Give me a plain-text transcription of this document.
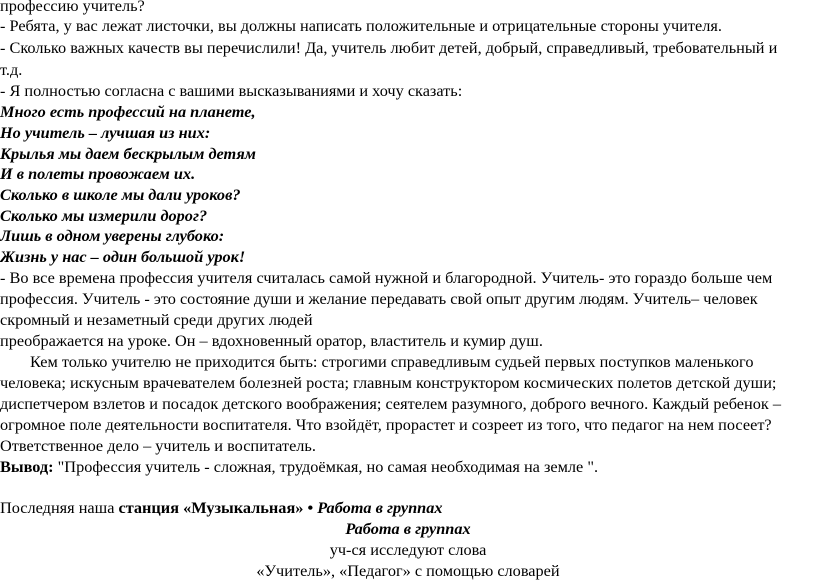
профессию учитель?
- Ребята, у вас лежат листочки, вы должны написать положительные и отрицательные стороны учителя.
- Сколько важных качеств вы перечислили! Да, учитель любит детей, добрый, справедливый, требовательный и
т.д.
- Я полностью согласна с вашими высказываниями и хочу сказать:
Много есть профессий на планете,
Но учитель – лучшая из них:
Крылья мы даем бескрылым детям
И в полеты провожаем их.
Сколько в школе мы дали уроков?
Сколько мы измерили дорог?
Лишь в одном уверены глубоко:
Жизнь у нас – один большой урок!
- Во все времена профессия учителя считалась самой нужной и благородной. Учитель- это гораздо больше чем
профессия. Учитель - это состояние души и желание передавать свой опыт другим людям. Учитель– человек
скромный и незаметный среди других людей
преображается на уроке. Он – вдохновенный оратор, властитель и кумир душ.
Кем только учителю не приходится быть: строгими справедливым судьей первых поступков маленького
человека; искусным врачевателем болезней роста; главным конструктором космических полетов детской души;
диспетчером взлетов и посадок детского воображения; сеятелем разумного, доброго вечного. Каждый ребенок –
огромное поле деятельности воспитателя. Что взойдёт, прорастет и созреет из того, что педагог на нем посеет?
Ответственное дело – учитель и воспитатель.
Вывод: "Профессия учитель - сложная, трудоёмкая, но самая необходимая на земле ".
Последняя наша станция «Музыкальная» • Работа в группах
Работа в группах
уч-ся исследуют слова
«Учитель», «Педагог» с помощью словарей
